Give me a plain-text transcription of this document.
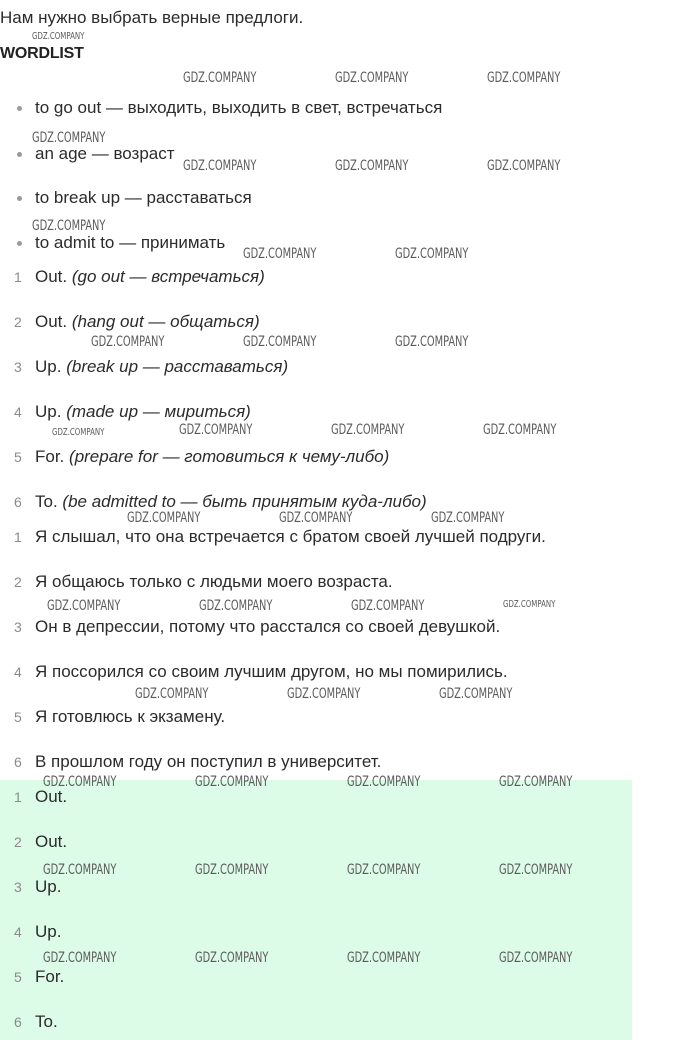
Нам нужно выбрать верные предлоги.
WORDLIST
to go out — выходить, выходить в свет, встречаться
an age — возраст
to break up — расставаться
to admit to — принимать
1 Out. (go out — встречаться)
2 Out. (hang out — общаться)
3 Up. (break up — расставаться)
4 Up. (made up — мириться)
5 For. (prepare for — готовиться к чему-либо)
6 To. (be admitted to — быть принятым куда-либо)
1 Я слышал, что она встречается с братом своей лучшей подруги.
2 Я общаюсь только с людьми моего возраста.
3 Он в депрессии, потому что расстался со своей девушкой.
4 Я поссорился со своим лучшим другом, но мы помирились.
5 Я готовлюсь к экзамену.
6 В прошлом году он поступил в университет.
1 Out.
2 Out.
3 Up.
4 Up.
5 For.
6 To.
GDZ.COMPANY
GDZ.COMPANY	GDZ.COMPANY	GDZ.COMPANY
GDZ.COMPANY
GDZ.COMPANY	GDZ.COMPANY	GDZ.COMPANY
GDZ.COMPANY
GDZ.COMPANY	GDZ.COMPANY
GDZ.COMPANY	GDZ.COMPANY	GDZ.COMPANY
GDZ.COMPANY	GDZ.COMPANY	GDZ.COMPANY	GDZ.COMPANY
GDZ.COMPANY	GDZ.COMPANY	GDZ.COMPANY
GDZ.COMPANY	GDZ.COMPANY	GDZ.COMPANY	GDZ.COMPANY
GDZ.COMPANY	GDZ.COMPANY	GDZ.COMPANY
GDZ.COMPANY	GDZ.COMPANY	GDZ.COMPANY	GDZ.COMPANY
GDZ.COMPANY	GDZ.COMPANY	GDZ.COMPANY	GDZ.COMPANY
GDZ.COMPANY	GDZ.COMPANY	GDZ.COMPANY	GDZ.COMPANY
